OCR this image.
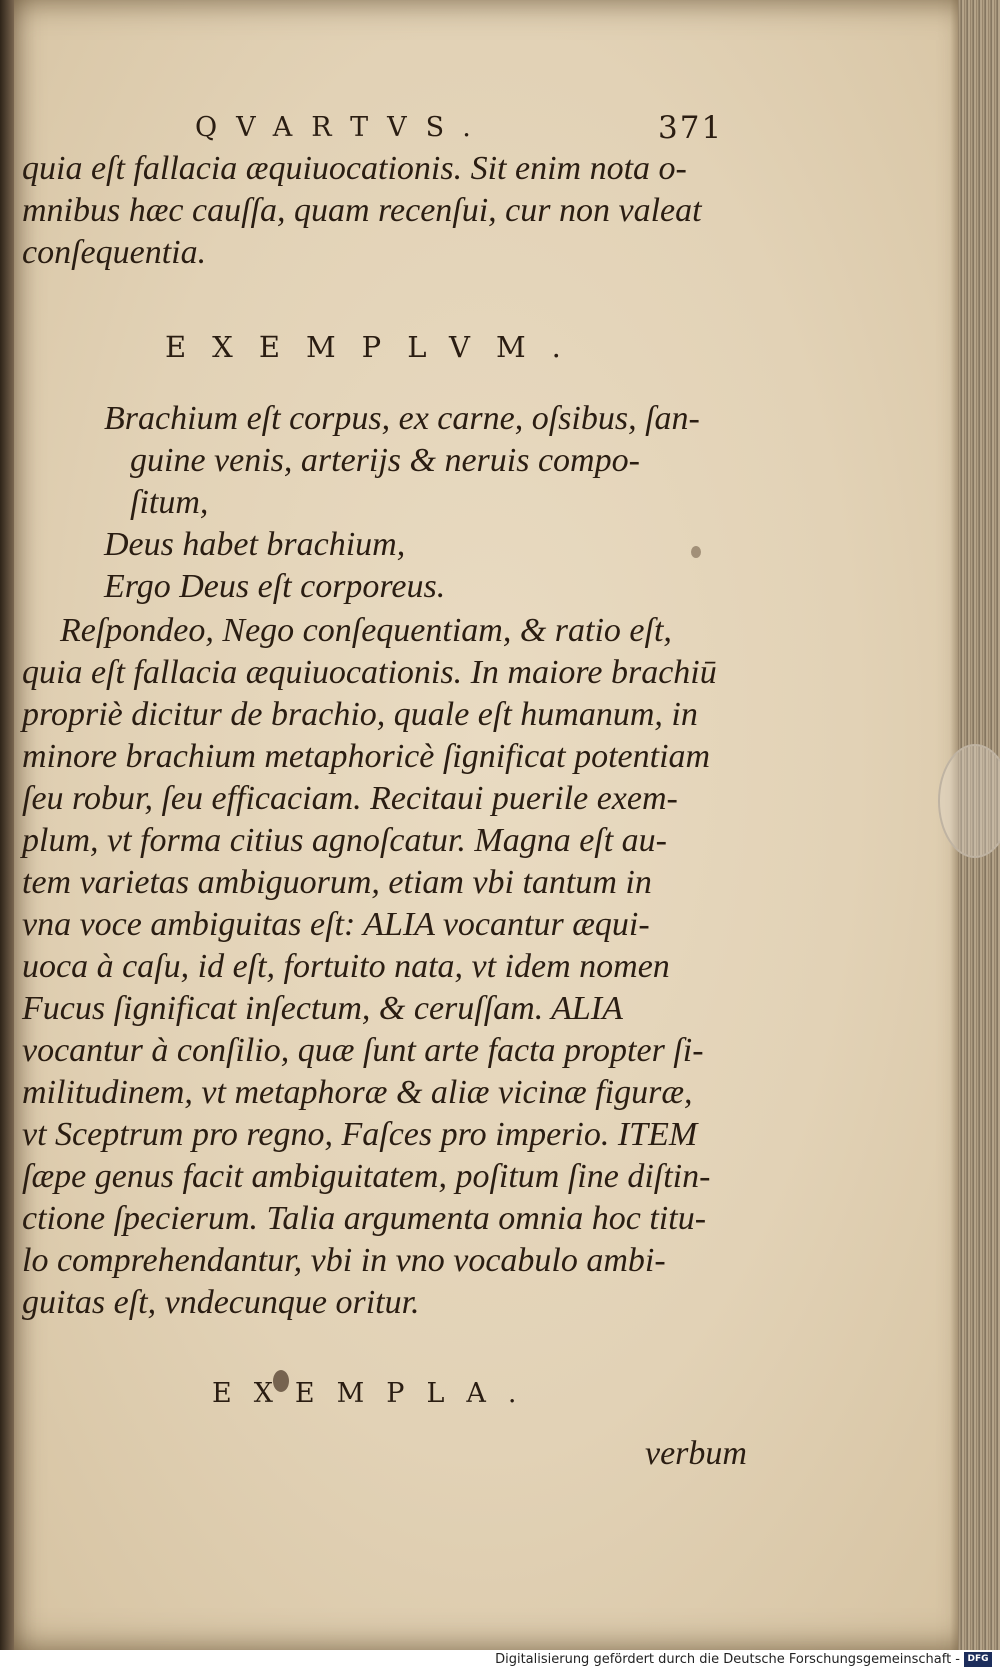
QVARTVS.	371
quia eſt fallacia æquiuocationis. Sit enim nota o-
mnibus hæc cauſſa, quam recenſui, cur non valeat
conſequentia.
EXEMPLVM.
Brachium eſt corpus, ex carne, oſsibus, ſan-
guine venis, arterijs & neruis compo-
ſitum,
Deus habet brachium,
Ergo Deus eſt corporeus.
Reſpondeo, Nego conſequentiam, & ratio eſt,
quia eſt fallacia æquiuocationis. In maiore brachiū
propriè dicitur de brachio, quale eſt humanum, in
minore brachium metaphoricè ſignificat potentiam
ſeu robur, ſeu efficaciam. Recitaui puerile exem-
plum, vt forma citius agnoſcatur. Magna eſt au-
tem varietas ambiguorum, etiam vbi tantum in
vna voce ambiguitas eſt: ALIA vocantur æqui-
uoca à caſu, id eſt, fortuito nata, vt idem nomen
Fucus ſignificat inſectum, & ceruſſam. ALIA
vocantur à conſilio, quæ ſunt arte facta propter ſi-
militudinem, vt metaphoræ & aliæ vicinæ figuræ,
vt Sceptrum pro regno, Faſces pro imperio. ITEM
ſæpe genus facit ambiguitatem, poſitum ſine diſtin-
ctione ſpecierum. Talia argumenta omnia hoc titu-
lo comprehendantur, vbi in vno vocabulo ambi-
guitas eſt, vndecunque oritur.
EXEMPLA.
verbum
Digitalisierung gefördert durch die Deutsche Forschungsgemeinschaft - DFG
